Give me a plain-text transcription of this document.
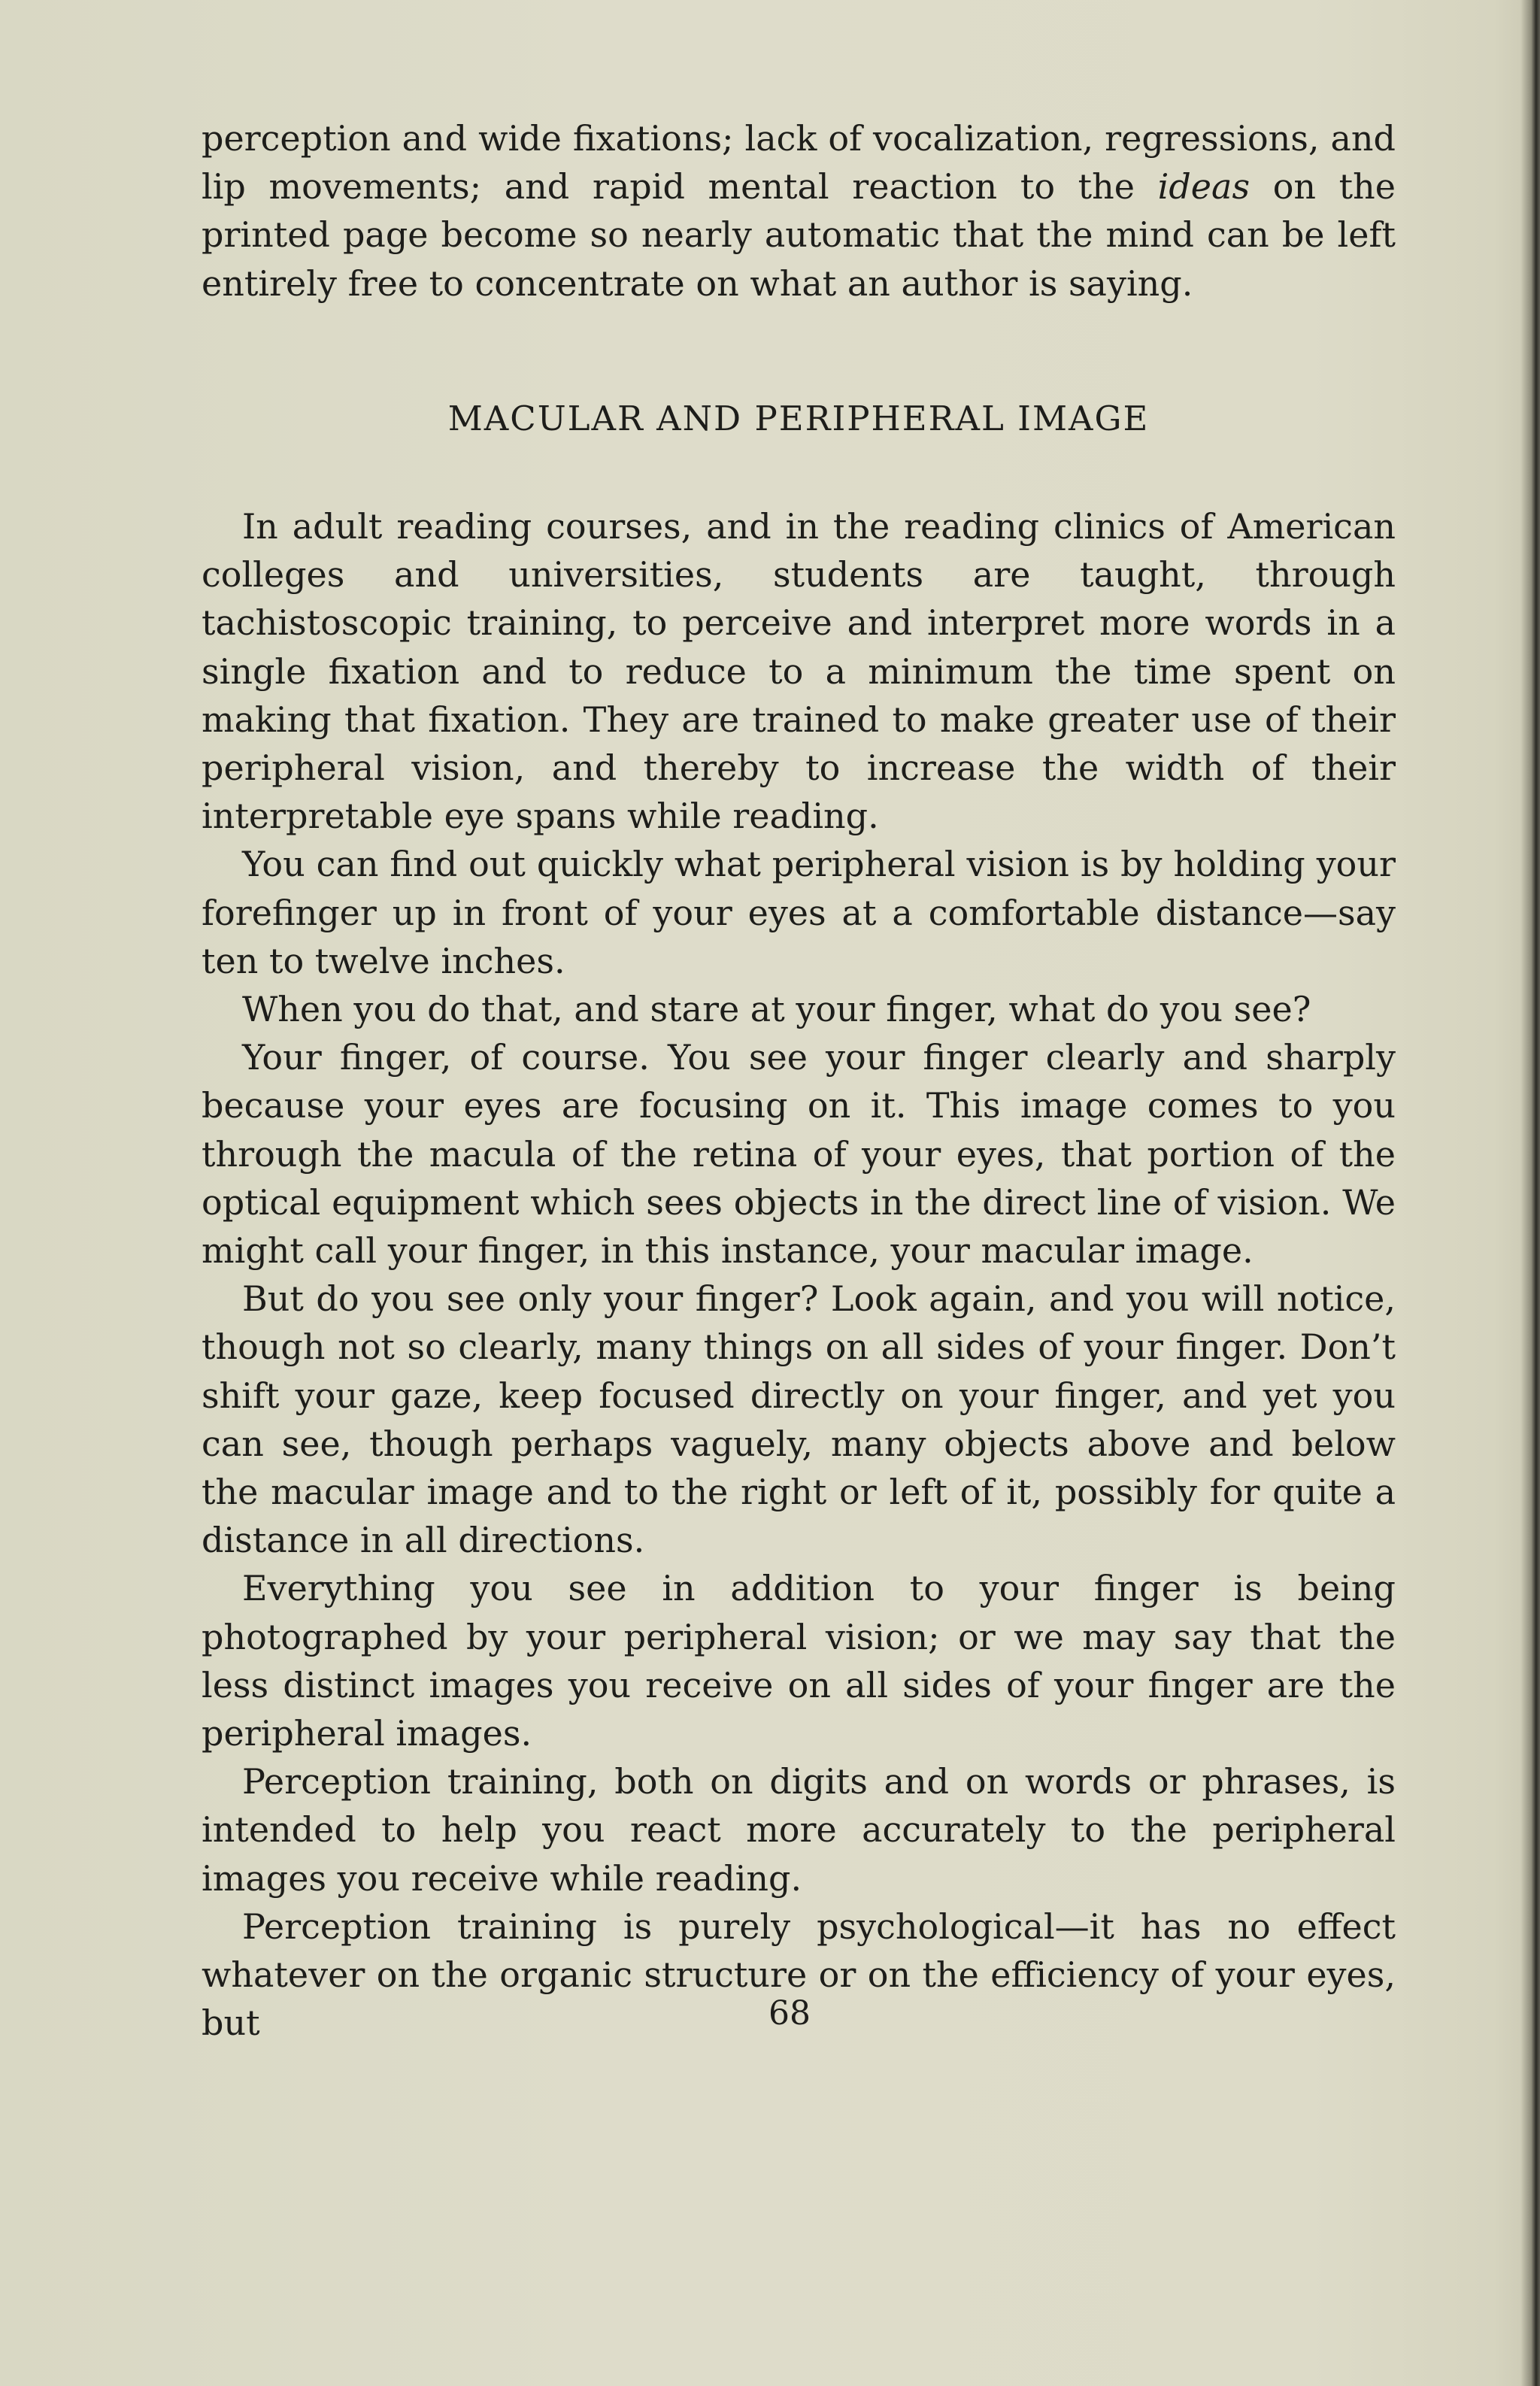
perception and wide fixations; lack of vocalization, regressions, and lip movements; and rapid mental reaction to the ideas on the printed page become so nearly automatic that the mind can be left entirely free to concentrate on what an author is saying.

MACULAR AND PERIPHERAL IMAGE

In adult reading courses, and in the reading clinics of American colleges and universities, students are taught, through tachistoscopic training, to perceive and interpret more words in a single fixation and to reduce to a minimum the time spent on making that fixation. They are trained to make greater use of their peripheral vision, and thereby to increase the width of their interpretable eye spans while reading.

You can find out quickly what peripheral vision is by holding your forefinger up in front of your eyes at a comfortable distance—say ten to twelve inches.

When you do that, and stare at your finger, what do you see?

Your finger, of course. You see your finger clearly and sharply because your eyes are focusing on it. This image comes to you through the macula of the retina of your eyes, that portion of the optical equipment which sees objects in the direct line of vision. We might call your finger, in this instance, your macular image.

But do you see only your finger? Look again, and you will notice, though not so clearly, many things on all sides of your finger. Don’t shift your gaze, keep focused directly on your finger, and yet you can see, though perhaps vaguely, many objects above and below the macular image and to the right or left of it, possibly for quite a distance in all directions.

Everything you see in addition to your finger is being photographed by your peripheral vision; or we may say that the less distinct images you receive on all sides of your finger are the peripheral images.

Perception training, both on digits and on words or phrases, is intended to help you react more accurately to the peripheral images you receive while reading.

Perception training is purely psychological—it has no effect whatever on the organic structure or on the efficiency of your eyes, but	68
